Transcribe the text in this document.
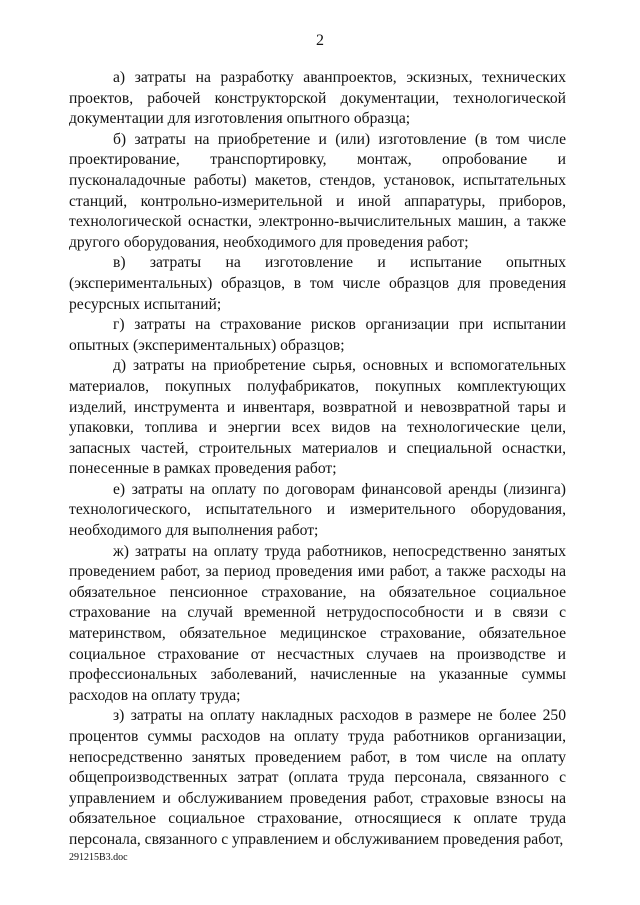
2

а) затраты на разработку аванпроектов, эскизных, технических проектов, рабочей конструкторской документации, технологической документации для изготовления опытного образца;

б) затраты на приобретение и (или) изготовление (в том числе проектирование, транспортировку, монтаж, опробование и пусконаладочные работы) макетов, стендов, установок, испытательных станций, контрольно-измерительной и иной аппаратуры, приборов, технологической оснастки, электронно-вычислительных машин, а также другого оборудования, необходимого для проведения работ;

в) затраты на изготовление и испытание опытных (экспериментальных) образцов, в том числе образцов для проведения ресурсных испытаний;

г) затраты на страхование рисков организации при испытании опытных (экспериментальных) образцов;

д) затраты на приобретение сырья, основных и вспомогательных материалов, покупных полуфабрикатов, покупных комплектующих изделий, инструмента и инвентаря, возвратной и невозвратной тары и упаковки, топлива и энергии всех видов на технологические цели, запасных частей, строительных материалов и специальной оснастки, понесенные в рамках проведения работ;

е) затраты на оплату по договорам финансовой аренды (лизинга) технологического, испытательного и измерительного оборудования, необходимого для выполнения работ;

ж) затраты на оплату труда работников, непосредственно занятых проведением работ, за период проведения ими работ, а также расходы на обязательное пенсионное страхование, на обязательное социальное страхование на случай временной нетрудоспособности и в связи с материнством, обязательное медицинское страхование, обязательное социальное страхование от несчастных случаев на производстве и профессиональных заболеваний, начисленные на указанные суммы расходов на оплату труда;

з) затраты на оплату накладных расходов в размере не более 250 процентов суммы расходов на оплату труда работников организации, непосредственно занятых проведением работ, в том числе на оплату общепроизводственных затрат (оплата труда персонала, связанного с управлением и обслуживанием проведения работ, страховые взносы на обязательное социальное страхование, относящиеся к оплате труда персонала, связанного с управлением и обслуживанием проведения работ,

291215В3.doc
